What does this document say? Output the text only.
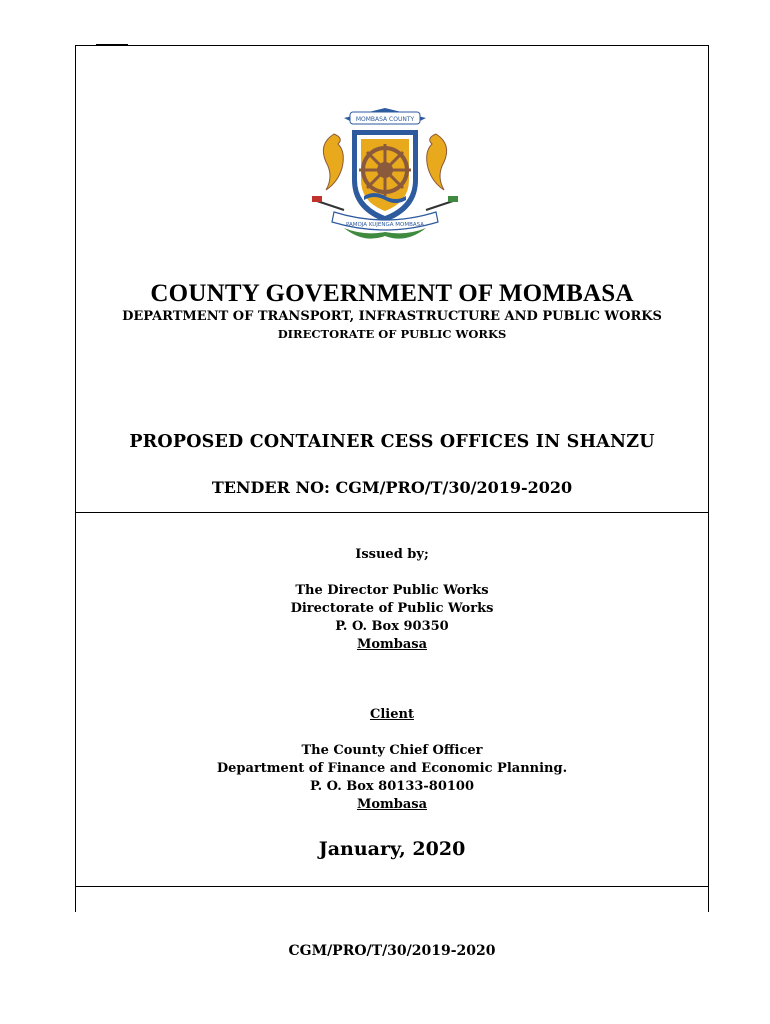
MOMBASA COUNTY
PAMOJA KUJENGA MOMBASA
COUNTY GOVERNMENT OF MOMBASA
DEPARTMENT OF TRANSPORT, INFRASTRUCTURE AND PUBLIC WORKS
DIRECTORATE OF PUBLIC WORKS
PROPOSED CONTAINER CESS OFFICES IN SHANZU
TENDER NO: CGM/PRO/T/30/2019-2020
Issued by;
The Director Public Works
Directorate of Public Works
P. O. Box 90350
Mombasa
Client
The County Chief Officer
Department of Finance and Economic Planning.
P. O. Box 80133-80100
Mombasa
January, 2020
CGM/PRO/T/30/2019-2020
